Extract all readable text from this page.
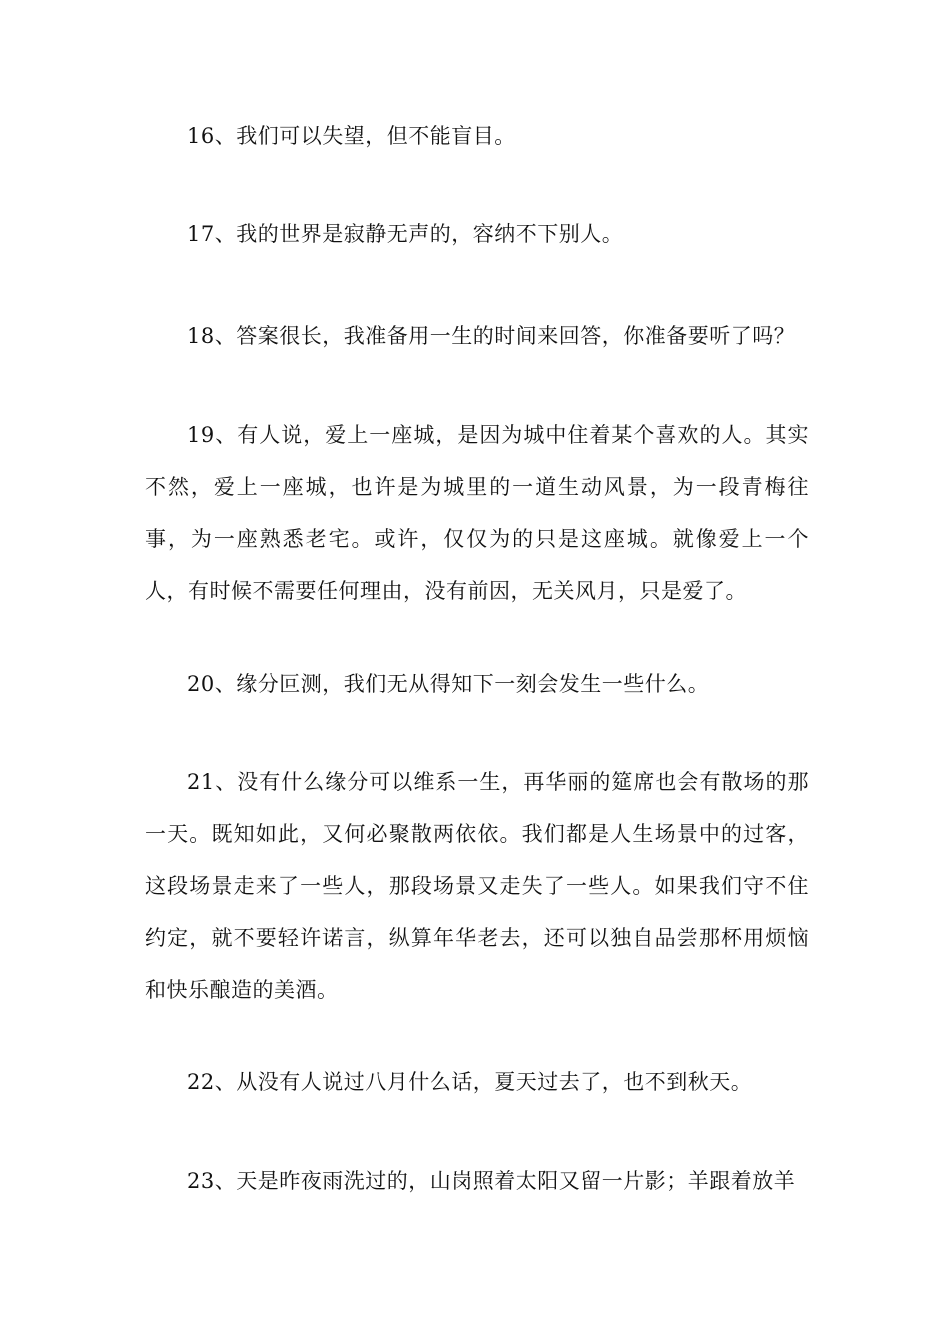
16、我们可以失望，但不能盲目。

17、我的世界是寂静无声的，容纳不下别人。

18、答案很长，我准备用一生的时间来回答，你准备要听了吗？

19、有人说，爱上一座城，是因为城中住着某个喜欢的人。其实不然，爱上一座城，也许是为城里的一道生动风景，为一段青梅往事，为一座熟悉老宅。或许，仅仅为的只是这座城。就像爱上一个人，有时候不需要任何理由，没有前因，无关风月，只是爱了。

20、缘分叵测，我们无从得知下一刻会发生一些什么。

21、没有什么缘分可以维系一生，再华丽的筵席也会有散场的那一天。既知如此，又何必聚散两依依。我们都是人生场景中的过客，这段场景走来了一些人，那段场景又走失了一些人。如果我们守不住约定，就不要轻许诺言，纵算年华老去，还可以独自品尝那杯用烦恼和快乐酿造的美酒。

22、从没有人说过八月什么话，夏天过去了，也不到秋天。

23、天是昨夜雨洗过的，山岗照着太阳又留一片影；羊跟着放羊
